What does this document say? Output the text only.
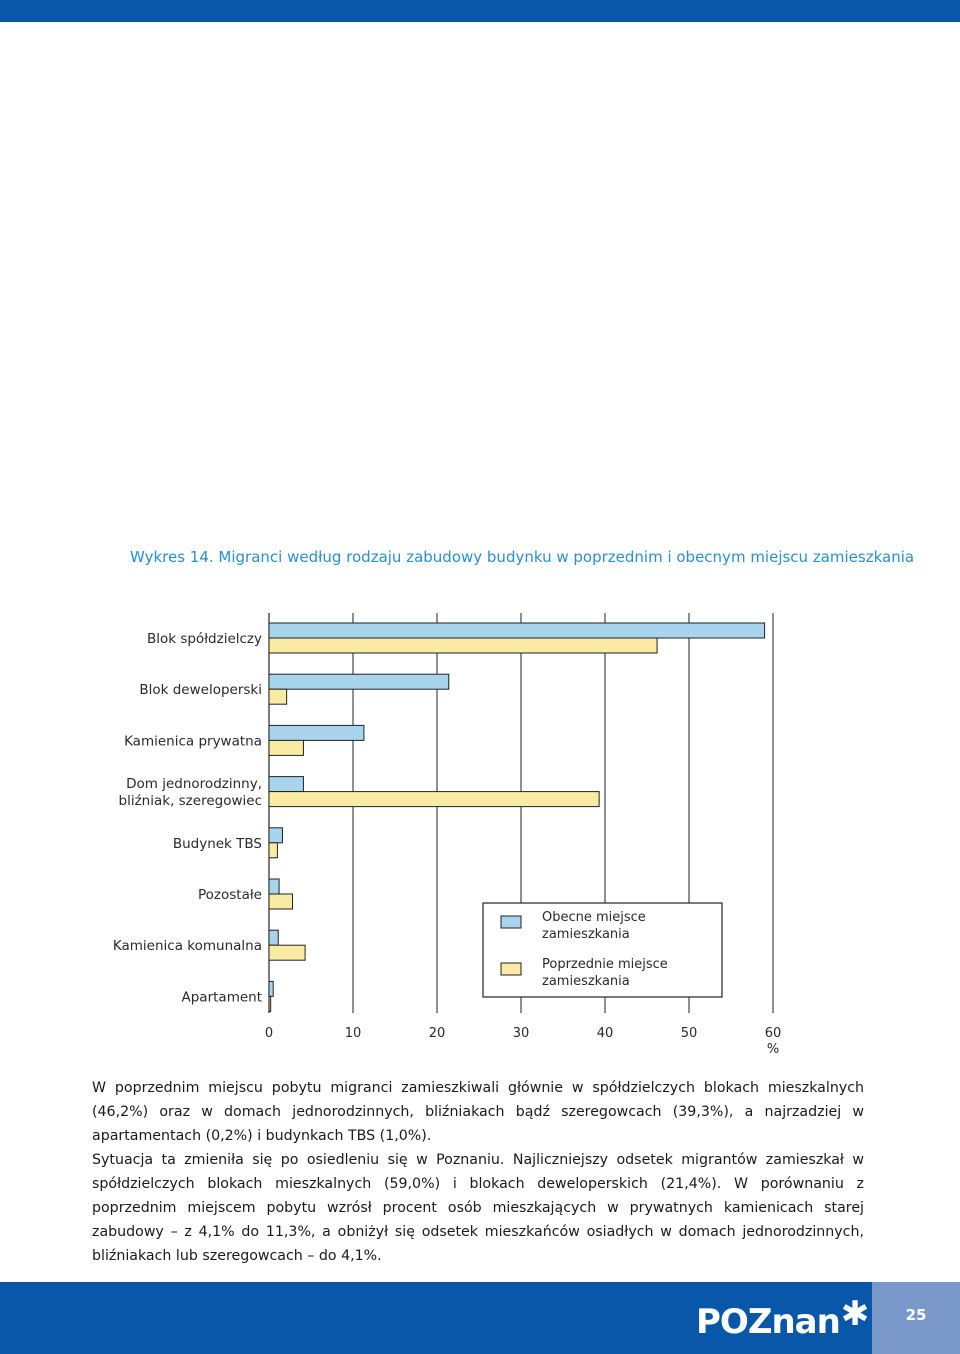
Wykres 14. Migranci według rodzaju zabudowy budynku w poprzednim i obecnym miejscu zamieszkania
Blok spółdzielczy
Blok deweloperski
Kamienica prywatna
Dom jednorodzinny,
bliźniak, szeregowiec
Budynek TBS
Pozostałe
Kamienica komunalna
Apartament
0	10	20	30	40	50	60
%
Obecne miejsce
zamieszkania
Poprzednie miejsce
zamieszkania

W poprzednim miejscu pobytu migranci zamieszkiwali głównie w spółdzielczych blokach mieszkalnych (46,2%) oraz w domach jednorodzinnych, bliźniakach bądź szeregowcach (39,3%), a najrzadziej w apartamentach (0,2%) i budynkach TBS (1,0%).

Sytuacja ta zmieniła się po osiedleniu się w Poznaniu. Najliczniejszy odsetek migrantów zamieszkał w spółdzielczych blokach mieszkalnych (59,0%) i blokach deweloperskich (21,4%). W porównaniu z poprzednim miejscem pobytu wzrósł procent osób mieszkających w prywatnych kamienicach starej zabudowy – z 4,1% do 11,3%, a obniżył się odsetek mieszkańców osiadłych w domach jednorodzinnych, bliźniakach lub szeregowcach – do 4,1%.

POZnan ✱	25
